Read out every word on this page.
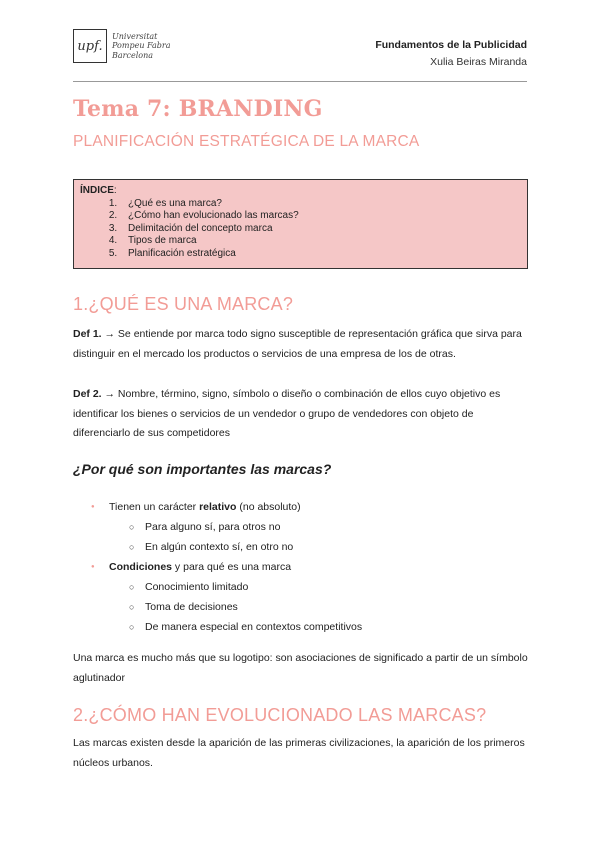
upf.
Universitat
Pompeu Fabra
Barcelona
Fundamentos de la Publicidad
Xulia Beiras Miranda
Tema 7: BRANDING
PLANIFICACIÓN ESTRATÉGICA DE LA MARCA
ÍNDICE:
1. ¿Qué es una marca?
2. ¿Cómo han evolucionado las marcas?
3. Delimitación del concepto marca
4. Tipos de marca
5. Planificación estratégica
1.¿QUÉ ES UNA MARCA?
Def 1. → Se entiende por marca todo signo susceptible de representación gráfica que sirva para distinguir en el mercado los productos o servicios de una empresa de los de otras.
Def 2. → Nombre, término, signo, símbolo o diseño o combinación de ellos cuyo objetivo es identificar los bienes o servicios de un vendedor o grupo de vendedores con objeto de diferenciarlo de sus competidores
¿Por qué son importantes las marcas?
● Tienen un carácter relativo (no absoluto)
○ Para alguno sí, para otros no
○ En algún contexto sí, en otro no
● Condiciones y para qué es una marca
○ Conocimiento limitado
○ Toma de decisiones
○ De manera especial en contextos competitivos
Una marca es mucho más que su logotipo: son asociaciones de significado a partir de un símbolo aglutinador
2.¿CÓMO HAN EVOLUCIONADO LAS MARCAS?
Las marcas existen desde la aparición de las primeras civilizaciones, la aparición de los primeros núcleos urbanos.
